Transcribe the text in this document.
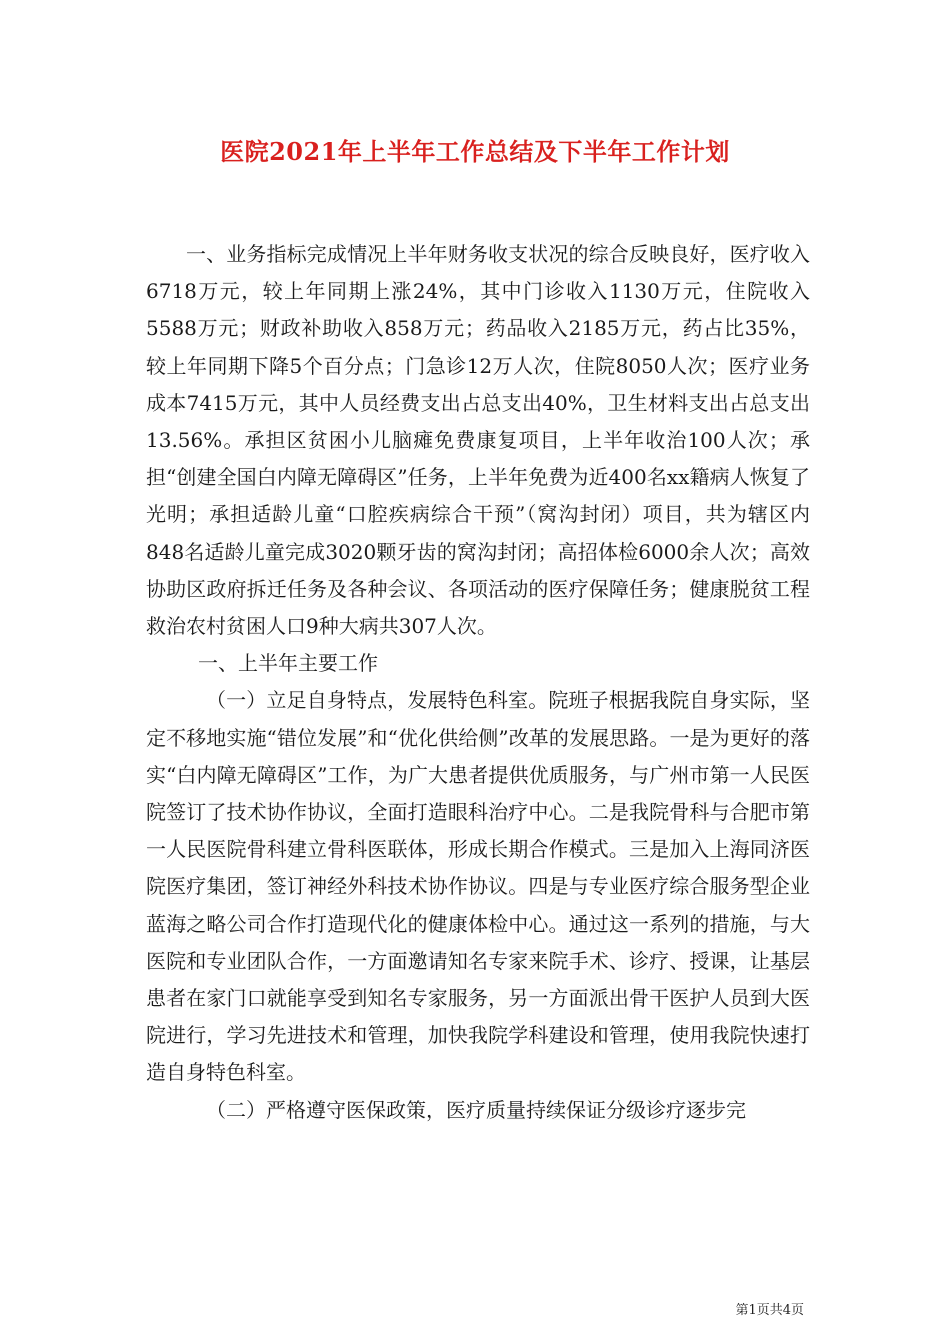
医院2021年上半年工作总结及下半年工作计划

一、业务指标完成情况上半年财务收支状况的综合反映良好，医疗收入6718万元，较上年同期上涨24%，其中门诊收入1130万元，住院收入5588万元；财政补助收入858万元；药品收入2185万元，药占比35%，较上年同期下降5个百分点；门急诊12万人次，住院8050人次；医疗业务成本7415万元，其中人员经费支出占总支出40%，卫生材料支出占总支出13.56%。承担区贫困小儿脑瘫免费康复项目，上半年收治100人次；承担“创建全国白内障无障碍区”任务，上半年免费为近400名xx籍病人恢复了光明；承担适龄儿童“口腔疾病综合干预”（窝沟封闭）项目，共为辖区内848名适龄儿童完成3020颗牙齿的窝沟封闭；高招体检6000余人次；高效协助区政府拆迁任务及各种会议、各项活动的医疗保障任务；健康脱贫工程救治农村贫困人口9种大病共307人次。

一、上半年主要工作

（一）立足自身特点，发展特色科室。院班子根据我院自身实际，坚定不移地实施“错位发展”和“优化供给侧”改革的发展思路。一是为更好的落实“白内障无障碍区”工作，为广大患者提供优质服务，与广州市第一人民医院签订了技术协作协议，全面打造眼科治疗中心。二是我院骨科与合肥市第一人民医院骨科建立骨科医联体，形成长期合作模式。三是加入上海同济医院医疗集团，签订神经外科技术协作协议。四是与专业医疗综合服务型企业蓝海之略公司合作打造现代化的健康体检中心。通过这一系列的措施，与大医院和专业团队合作，一方面邀请知名专家来院手术、诊疗、授课，让基层患者在家门口就能享受到知名专家服务，另一方面派出骨干医护人员到大医院进行，学习先进技术和管理，加快我院学科建设和管理，使用我院快速打造自身特色科室。

（二）严格遵守医保政策，医疗质量持续保证分级诊疗逐步完

第1页共4页
